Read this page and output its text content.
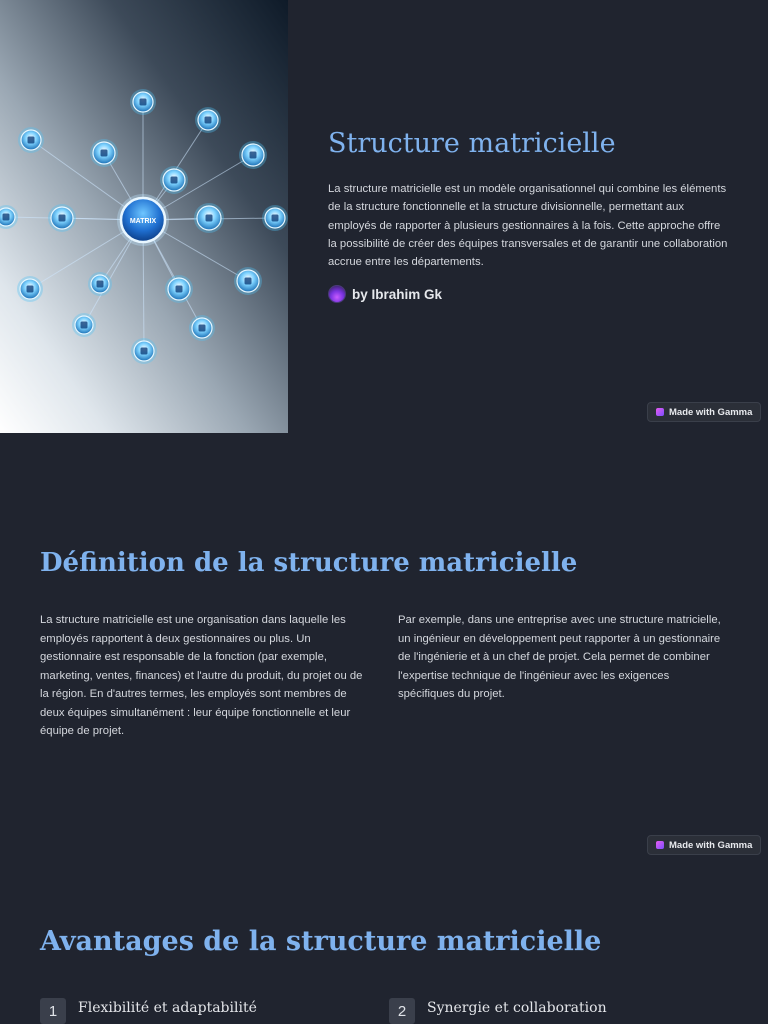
MATRIX
Structure matricielle

La structure matricielle est un modèle organisationnel qui combine les éléments de la structure fonctionnelle et la structure divisionnelle, permettant aux employés de rapporter à plusieurs gestionnaires à la fois. Cette approche offre la possibilité de créer des équipes transversales et de garantir une collaboration accrue entre les départements.

by Ibrahim Gk
Made with Gamma
Définition de la structure matricielle

La structure matricielle est une organisation dans laquelle les employés rapportent à deux gestionnaires ou plus. Un gestionnaire est responsable de la fonction (par exemple, marketing, ventes, finances) et l'autre du produit, du projet ou de la région. En d'autres termes, les employés sont membres de deux équipes simultanément : leur équipe fonctionnelle et leur équipe de projet.

Par exemple, dans une entreprise avec une structure matricielle, un ingénieur en développement peut rapporter à un gestionnaire de l'ingénierie et à un chef de projet. Cela permet de combiner l'expertise technique de l'ingénieur avec les exigences spécifiques du projet.

Made with Gamma
Avantages de la structure matricielle
1	Flexibilité et adaptabilité	2	Synergie et collaboration
